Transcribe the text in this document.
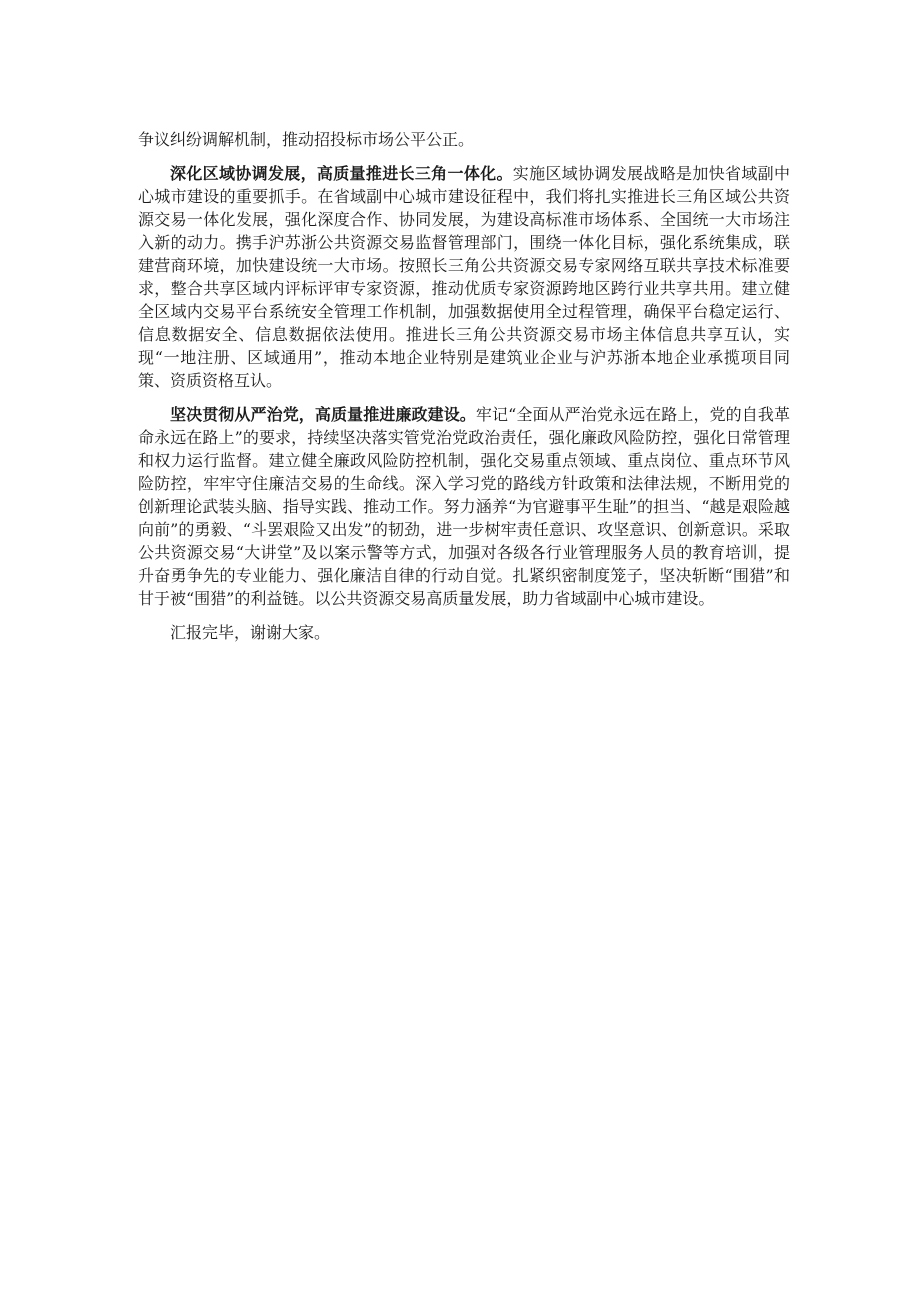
争议纠纷调解机制，推动招投标市场公平公正。

深化区域协调发展，高质量推进长三角一体化。实施区域协调发展战略是加快省域副中心城市建设的重要抓手。在省域副中心城市建设征程中，我们将扎实推进长三角区域公共资源交易一体化发展，强化深度合作、协同发展，为建设高标准市场体系、全国统一大市场注入新的动力。携手沪苏浙公共资源交易监督管理部门，围绕一体化目标，强化系统集成，联建营商环境，加快建设统一大市场。按照长三角公共资源交易专家网络互联共享技术标准要求，整合共享区域内评标评审专家资源，推动优质专家资源跨地区跨行业共享共用。建立健全区域内交易平台系统安全管理工作机制，加强数据使用全过程管理，确保平台稳定运行、信息数据安全、信息数据依法使用。推进长三角公共资源交易市场主体信息共享互认，实现“一地注册、区域通用”，推动本地企业特别是建筑业企业与沪苏浙本地企业承揽项目同策、资质资格互认。

坚决贯彻从严治党，高质量推进廉政建设。牢记“全面从严治党永远在路上，党的自我革命永远在路上”的要求，持续坚决落实管党治党政治责任，强化廉政风险防控，强化日常管理和权力运行监督。建立健全廉政风险防控机制，强化交易重点领域、重点岗位、重点环节风险防控，牢牢守住廉洁交易的生命线。深入学习党的路线方针政策和法律法规，不断用党的创新理论武装头脑、指导实践、推动工作。努力涵养“为官避事平生耻”的担当、“越是艰险越向前”的勇毅、“斗罢艰险又出发”的韧劲，进一步树牢责任意识、攻坚意识、创新意识。采取公共资源交易“大讲堂”及以案示警等方式，加强对各级各行业管理服务人员的教育培训，提升奋勇争先的专业能力、强化廉洁自律的行动自觉。扎紧织密制度笼子，坚决斩断“围猎”和甘于被“围猎”的利益链。以公共资源交易高质量发展，助力省域副中心城市建设。

汇报完毕，谢谢大家。
